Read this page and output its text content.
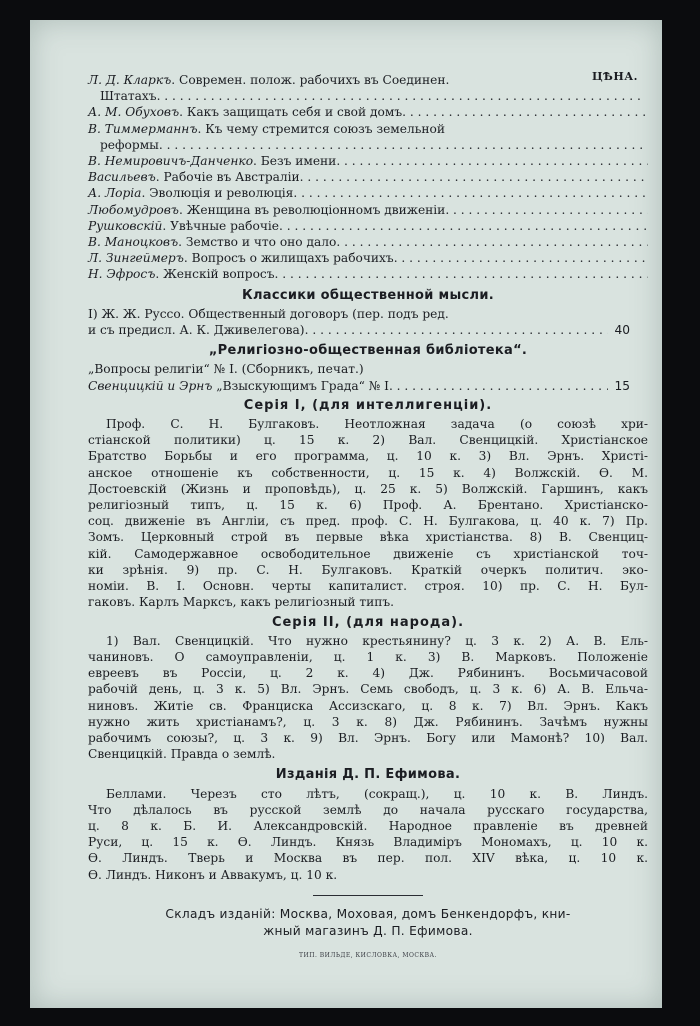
ЦѢНА.
Л. Д. Кларкъ. Современ. полож. рабочихъ въ Соединен.
Штатахъ
. . .
А. М. Обуховъ. Какъ защищать себя и свой домъ
. . .
В. Тиммерманнъ. Къ чему стремится союзъ земельной
реформы
. . .
В. Немировичъ-Данченко. Безъ имени
. . .
Васильевъ. Рабочіе въ Австраліи
. . .
А. Лоріа. Эволюція и революція
. . .
Любомудровъ. Женщина въ революціонномъ движеніи
. . .
Рушковскій. Увѣчные рабочіе
. . .
В. Маноцковъ. Земство и что оно дало
. . .
Л. Зингеймеръ. Вопросъ о жилищахъ рабочихъ
. . .
Н. Эфросъ. Женскій вопросъ
. . .
Классики общественной мысли.
І) Ж. Ж. Руссо. Общественный договоръ (пер. подъ ред.
и съ предисл. А. К. Дживелегова) . . .	40
„Религіозно-общественная библіотека“.
„Вопросы религіи“ № I. (Сборникъ, печат.)
Свенцицкій и Эрнъ „Взыскующимъ Града“ № I . . .	15
Серія I, (для интеллигенціи).
Проф. С. Н. Булгаковъ. Неотложная задача (о союзѣ хри-
стіанской политики) ц. 15 к. 2) Вал. Свенцицкій. Христіанское
Братство Борьбы и его программа, ц. 10 к. 3) Вл. Эрнъ. Христі-
анское отношеніе къ собственности, ц. 15 к. 4) Волжскій. Ѳ. М.
Достоевскій (Жизнь и проповѣдь), ц. 25 к. 5) Волжскій. Гаршинъ, какъ
религіозный типъ, ц. 15 к. 6) Проф. А. Брентано. Христіанско-
соц. движеніе въ Англіи, съ пред. проф. С. Н. Булгакова, ц. 40 к. 7) Пр.
Зомъ. Церковный строй въ первые вѣка христіанства. 8) В. Свенциц-
кій. Самодержавное освободительное движеніе съ христіанской точ-
ки зрѣнія. 9) пр. С. Н. Булгаковъ. Краткій очеркъ политич. эко-
номіи. В. І. Основн. черты капиталист. строя. 10) пр. С. Н. Бул-
гаковъ. Карлъ Марксъ, какъ религіозный типъ.
Серія II, (для народа).
1) Вал. Свенцицкій. Что нужно крестьянину? ц. 3 к. 2) А. В. Ель-
чаниновъ. О самоуправленіи, ц. 1 к. 3) В. Марковъ. Положеніе
евреевъ въ Россіи, ц. 2 к. 4) Дж. Рябининъ. Восьмичасовой
рабочій день, ц. 3 к. 5) Вл. Эрнъ. Семь свободъ, ц. 3 к. 6) А. В. Ельча-
ниновъ. Житіе св. Франциска Ассизскаго, ц. 8 к. 7) Вл. Эрнъ. Какъ
нужно жить христіанамъ?, ц. 3 к. 8) Дж. Рябининъ. Зачѣмъ нужны
рабочимъ союзы?, ц. 3 к. 9) Вл. Эрнъ. Богу или Мамонѣ? 10) Вал.
Свенцицкій. Правда о землѣ.
Изданія Д. П. Ефимова.
Беллами. Черезъ сто лѣтъ, (сокращ.), ц. 10 к. В. Линдъ.
Что дѣлалось въ русской землѣ до начала русскаго государства,
ц. 8 к. Б. И. Александровскій. Народное правленіе въ древней
Руси, ц. 15 к. Ѳ. Линдъ. Князь Владиміръ Мономахъ, ц. 10 к.
Ѳ. Линдъ. Тверь и Москва въ пер. пол. XIV вѣка, ц. 10 к.
Ѳ. Линдъ. Никонъ и Аввакумъ, ц. 10 к.
Складъ изданій: Москва, Моховая, домъ Бенкендорфъ, кни-
жный магазинъ Д. П. Ефимова.
ТИП. ВИЛЬДЕ, КИСЛОВКА, МОСКВА.
